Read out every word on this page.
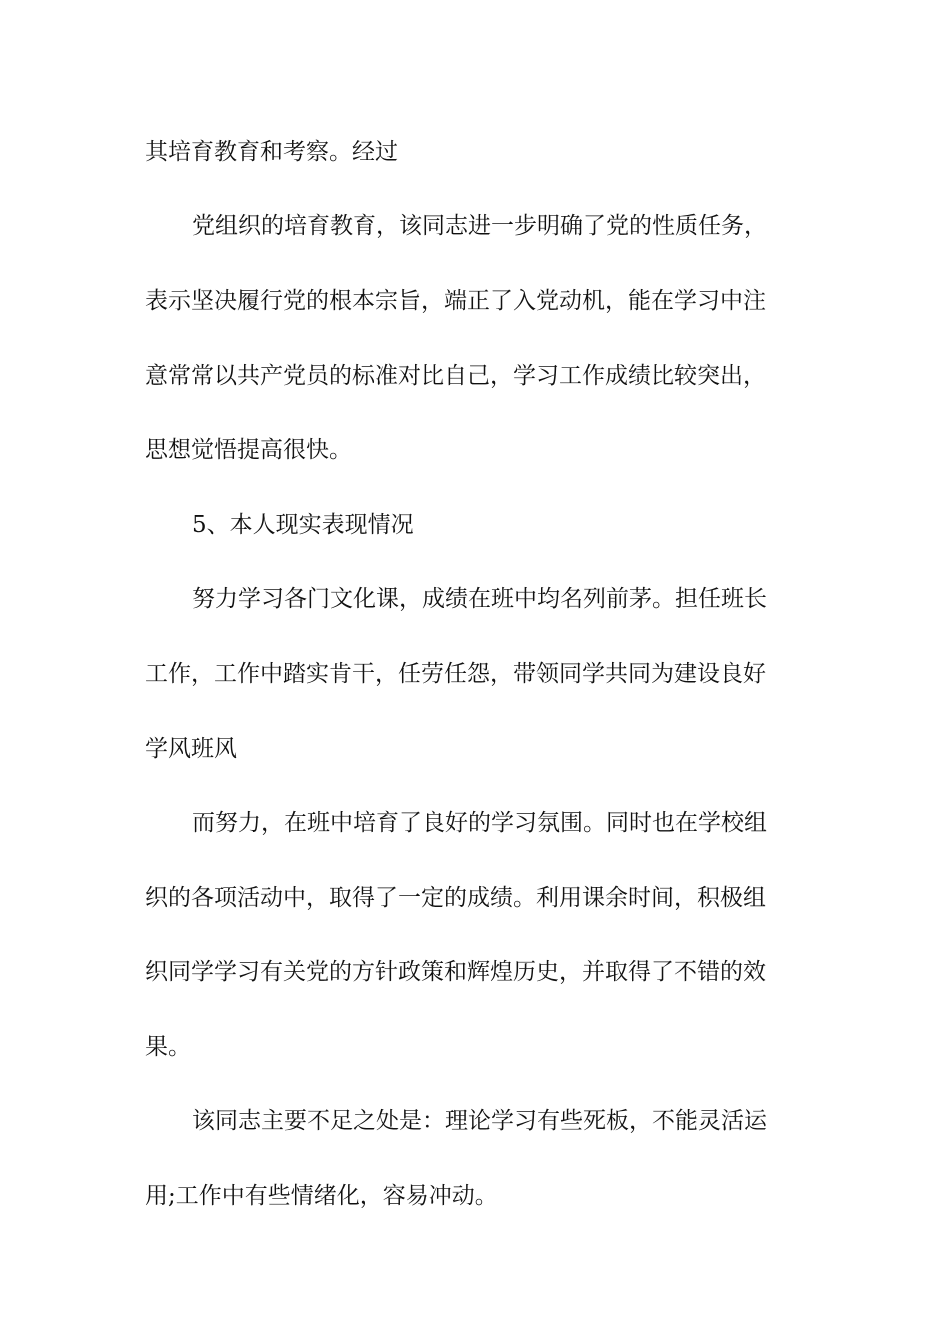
其培育教育和考察。经过

党组织的培育教育，该同志进一步明确了党的性质任务，

表示坚决履行党的根本宗旨，端正了入党动机，能在学习中注

意常常以共产党员的标准对比自己，学习工作成绩比较突出，

思想觉悟提高很快。

5、本人现实表现情况

努力学习各门文化课，成绩在班中均名列前茅。担任班长

工作，工作中踏实肯干，任劳任怨，带领同学共同为建设良好

学风班风

而努力，在班中培育了良好的学习氛围。同时也在学校组

织的各项活动中，取得了一定的成绩。利用课余时间，积极组

织同学学习有关党的方针政策和辉煌历史，并取得了不错的效

果。

该同志主要不足之处是：理论学习有些死板，不能灵活运

用;工作中有些情绪化，容易冲动。
